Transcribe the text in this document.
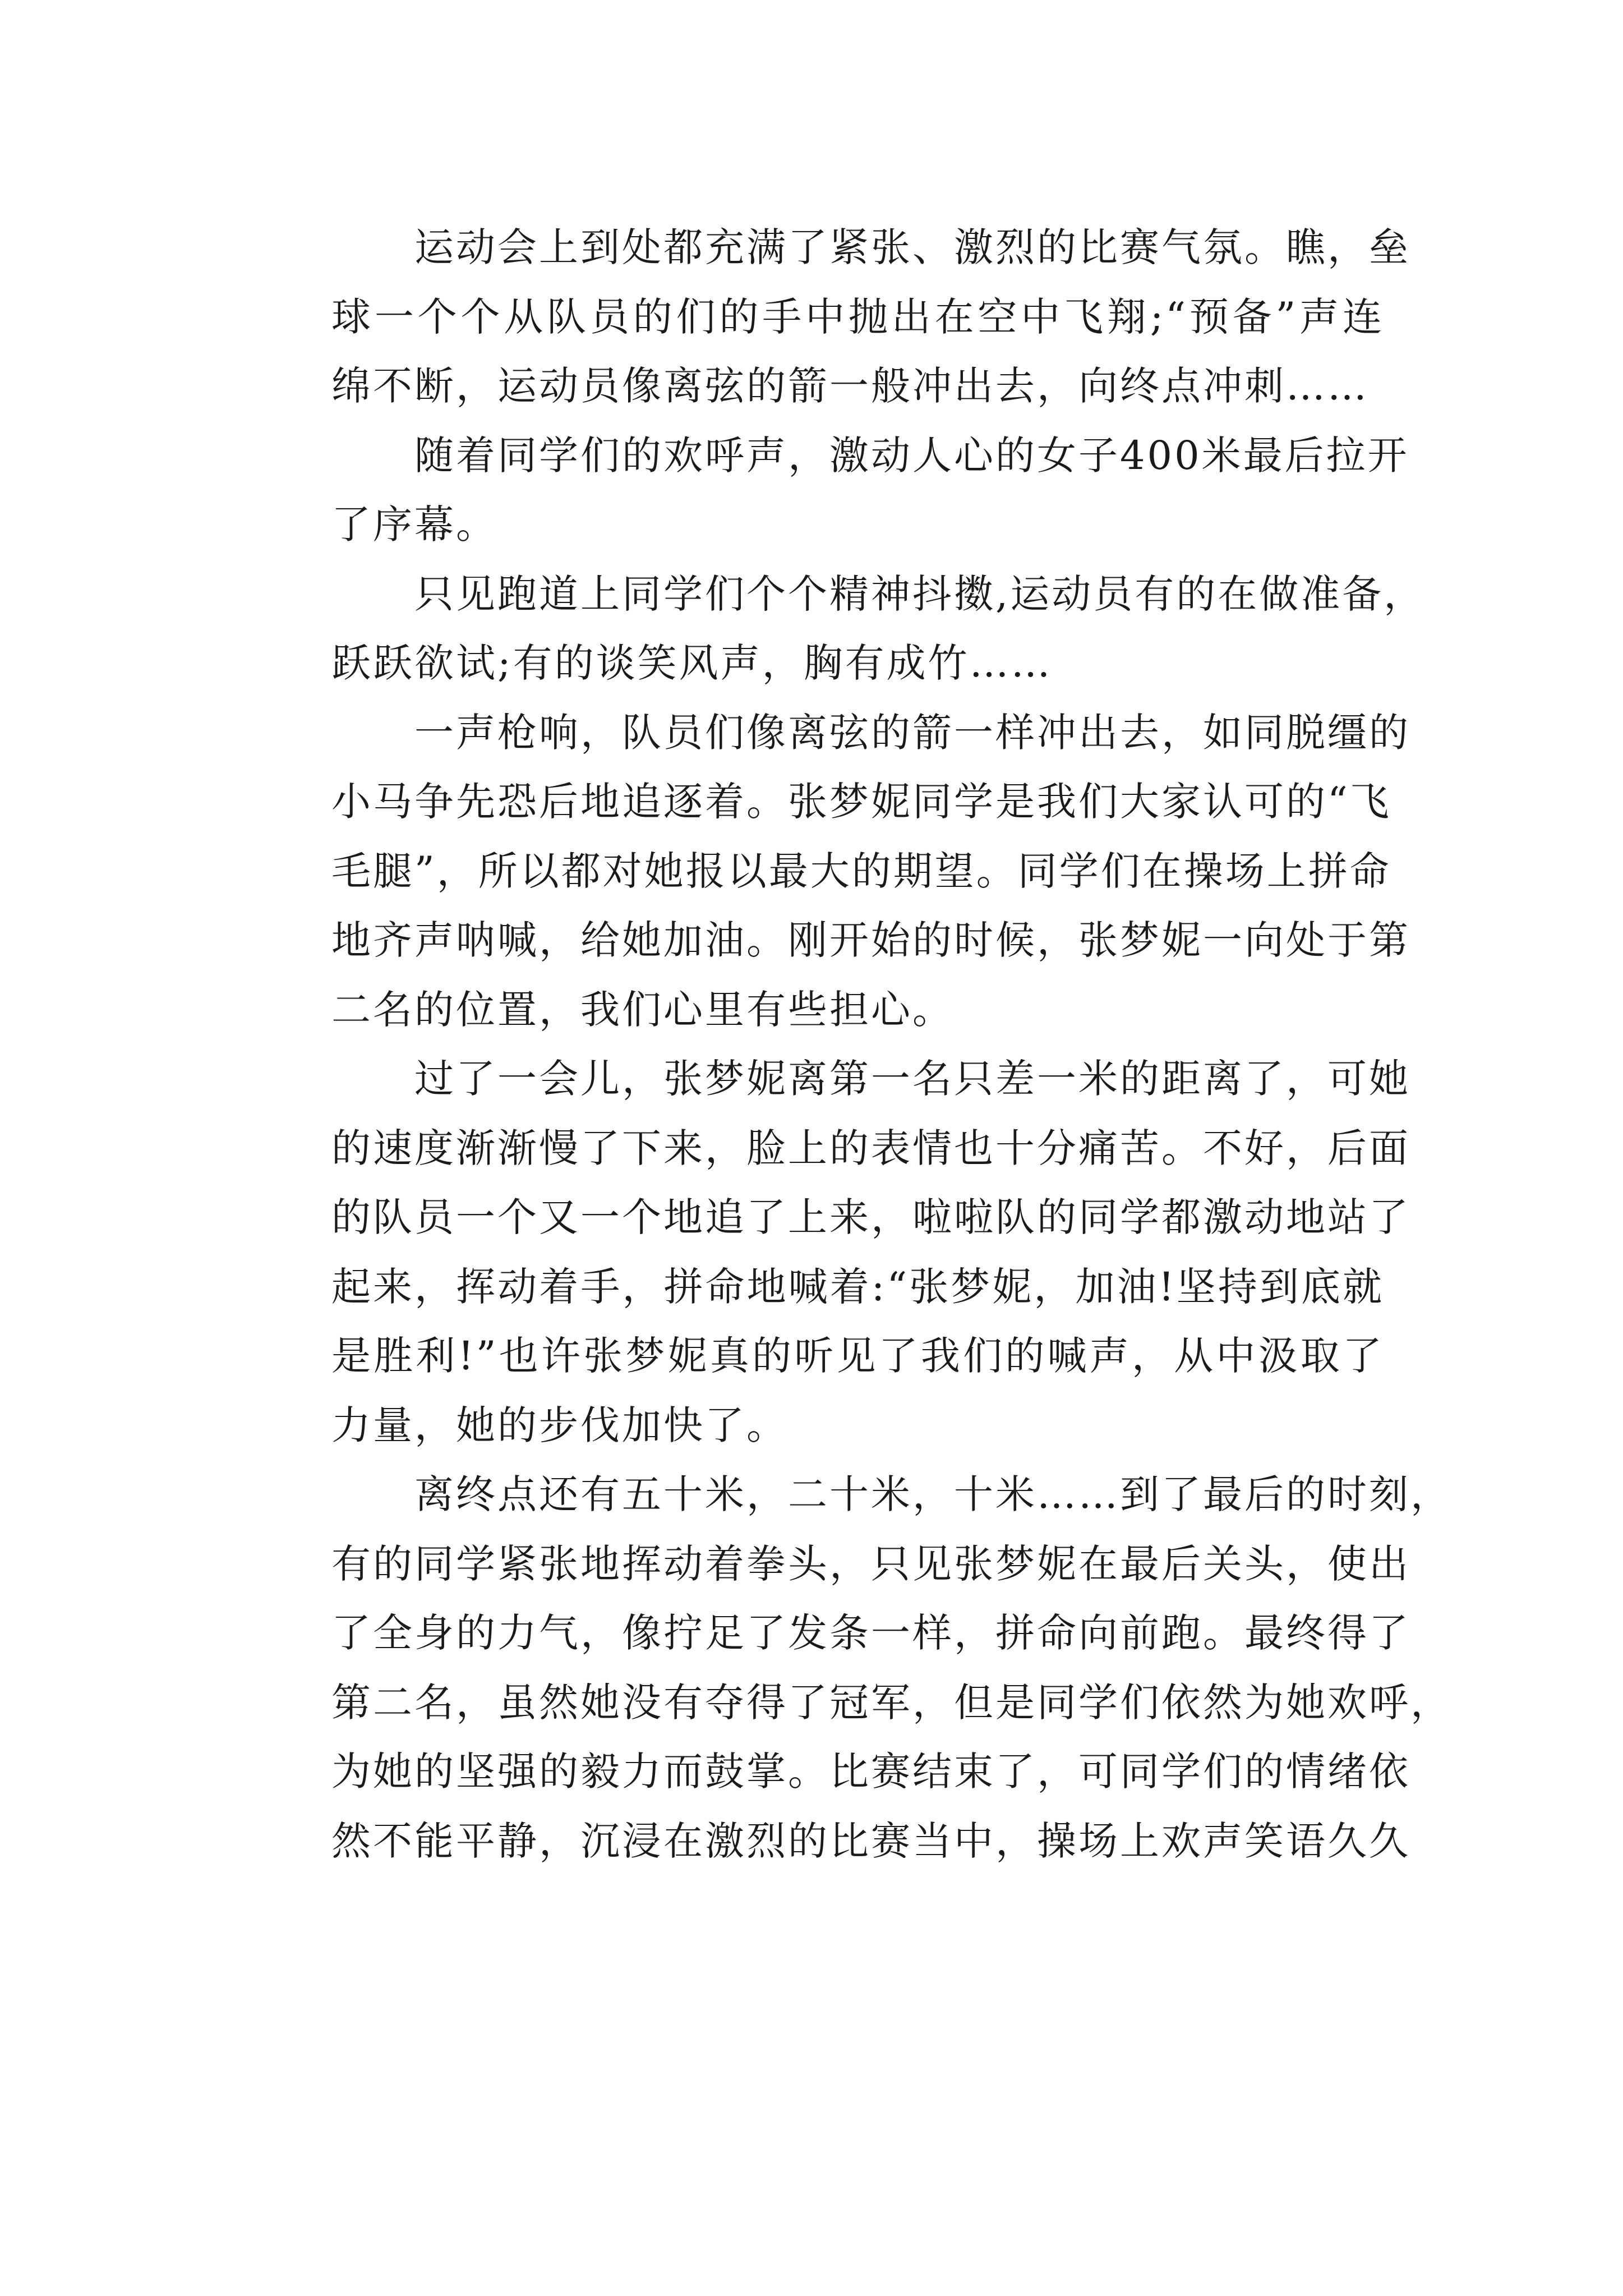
运动会上到处都充满了紧张、激烈的比赛气氛。瞧，垒
球一个个从队员的们的手中抛出在空中飞翔;“预备”声连
绵不断，运动员像离弦的箭一般冲出去，向终点冲刺……
随着同学们的欢呼声，激动人心的女子400米最后拉开
了序幕。
只见跑道上同学们个个精神抖擞,运动员有的在做准备，
跃跃欲试;有的谈笑风声，胸有成竹……
一声枪响，队员们像离弦的箭一样冲出去，如同脱缰的
小马争先恐后地追逐着。张梦妮同学是我们大家认可的“飞
毛腿”，所以都对她报以最大的期望。同学们在操场上拼命
地齐声呐喊，给她加油。刚开始的时候，张梦妮一向处于第
二名的位置，我们心里有些担心。
过了一会儿，张梦妮离第一名只差一米的距离了，可她
的速度渐渐慢了下来，脸上的表情也十分痛苦。不好，后面
的队员一个又一个地追了上来，啦啦队的同学都激动地站了
起来，挥动着手，拼命地喊着:“张梦妮，加油!坚持到底就
是胜利!”也许张梦妮真的听见了我们的喊声，从中汲取了
力量，她的步伐加快了。
离终点还有五十米，二十米，十米……到了最后的时刻，
有的同学紧张地挥动着拳头，只见张梦妮在最后关头，使出
了全身的力气，像拧足了发条一样，拼命向前跑。最终得了
第二名，虽然她没有夺得了冠军，但是同学们依然为她欢呼，
为她的坚强的毅力而鼓掌。比赛结束了，可同学们的情绪依
然不能平静，沉浸在激烈的比赛当中，操场上欢声笑语久久
